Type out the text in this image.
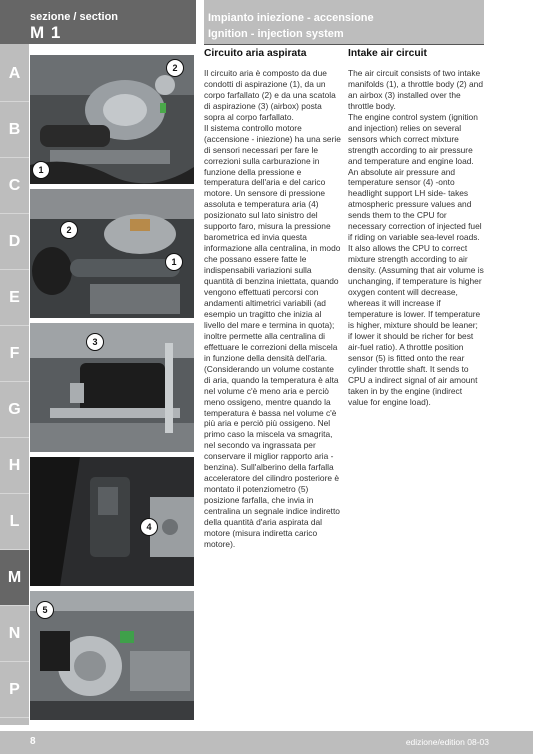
sezione / section
M 1
Impianto iniezione - accensione
Ignition - injection system
A
B
C
D
E
F
G
H
L
M
N
P
2
1
2
1
3
4
5
Circuito aria aspirata

Il circuito aria è composto da due condotti di aspirazione (1), da un corpo farfallato (2) e da una scatola di aspirazione (3) (airbox) posta sopra al corpo farfallato.
Il sistema controllo motore (accensione - iniezione) ha una serie di sensori necessari per fare le correzioni sulla carburazione in funzione della pressione e temperatura dell'aria e del carico motore. Un sensore di pressione assoluta e temperatura aria (4) posizionato sul lato sinistro del supporto faro, misura la pressione barometrica ed invia questa informazione alla centralina, in modo che possano essere fatte le indispensabili variazioni sulla quantità di benzina iniettata, quando vengono effettuati percorsi con andamenti altimetrici variabili (ad esempio un tragitto che inizia al livello del mare e termina in quota); inoltre permette alla centralina di effettuare le correzioni della miscela in funzione della densità dell'aria. (Considerando un volume costante di aria, quando la temperatura è alta nel volume c'è meno aria e perciò meno ossigeno, mentre quando la temperatura è bassa nel volume c'è più aria e perciò più ossigeno. Nel primo caso la miscela va smagrita, nel secondo va ingrassata per conservare il miglior rapporto aria - benzina). Sull'alberino della farfalla acceleratore del cilindro posteriore è montato il potenziometro (5) posizione farfalla, che invia in centralina un segnale indice indiretto della quantità d'aria aspirata dal motore (misura indiretta carico motore).

Intake air circuit

The air circuit consists of two intake manifolds (1), a throttle body (2) and an airbox (3) installed over the throttle body.
The engine control system (ignition and injection) relies on several sensors which correct mixture strength according to air pressure and temperature and engine load. An absolute air pressure and temperature sensor (4) -onto headlight support LH side- takes atmospheric pressure values and sends them to the CPU for necessary correction of injected fuel if riding on variable sea-level roads. It also allows the CPU to correct mixture strength according to air density. (Assuming that air volume is unchanging, if temperature is higher oxygen content will decrease, whereas it will increase if temperature is lower. If temperature is higher, mixture should be leaner; if lower it should be richer for best air-fuel ratio). A throttle position sensor (5) is fitted onto the rear cylinder throttle shaft. It sends to CPU a indirect signal of air amount taken in by the engine (indirect value for engine load).

8	edizione/edition 08-03
